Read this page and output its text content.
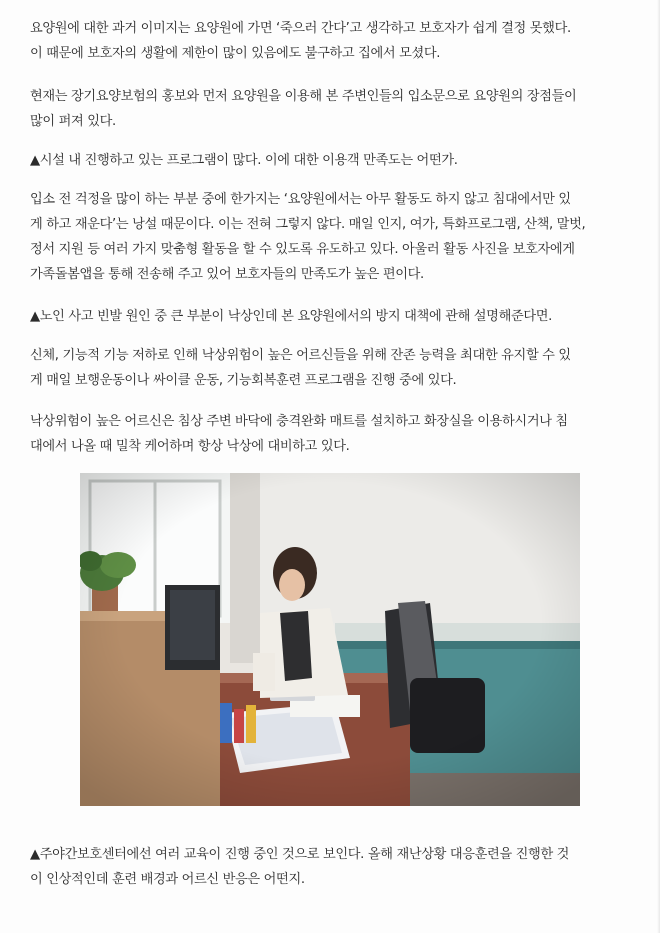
요양원에 대한 과거 이미지는 요양원에 가면 ‘죽으러 간다’고 생각하고 보호자가 쉽게 결정 못했다.
이 때문에 보호자의 생활에 제한이 많이 있음에도 불구하고 집에서 모셨다.

현재는 장기요양보험의 홍보와 먼저 요양원을 이용해 본 주변인들의 입소문으로 요양원의 장점들이
많이 퍼져 있다.

▲시설 내 진행하고 있는 프로그램이 많다. 이에 대한 이용객 만족도는 어떤가.

입소 전 걱정을 많이 하는 부분 중에 한가지는 ‘요양원에서는 아무 활동도 하지 않고 침대에서만 있
게 하고 재운다’는 낭설 때문이다. 이는 전혀 그렇지 않다. 매일 인지, 여가, 특화프로그램, 산책, 말벗,
정서 지원 등 여러 가지 맞춤형 활동을 할 수 있도록 유도하고 있다. 아울러 활동 사진을 보호자에게
가족돌봄앱을 통해 전송해 주고 있어 보호자들의 만족도가 높은 편이다.

▲노인 사고 빈발 원인 중 큰 부분이 낙상인데 본 요양원에서의 방지 대책에 관해 설명해준다면.

신체, 기능적 기능 저하로 인해 낙상위험이 높은 어르신들을 위해 잔존 능력을 최대한 유지할 수 있
게 매일 보행운동이나 싸이클 운동, 기능회복훈련 프로그램을 진행 중에 있다.

낙상위험이 높은 어르신은 침상 주변 바닥에 충격완화 매트를 설치하고 화장실을 이용하시거나 침
대에서 나올 때 밀착 케어하며 항상 낙상에 대비하고 있다.

▲주야간보호센터에선 여러 교육이 진행 중인 것으로 보인다. 올해 재난상황 대응훈련을 진행한 것
이 인상적인데 훈련 배경과 어르신 반응은 어떤지.
